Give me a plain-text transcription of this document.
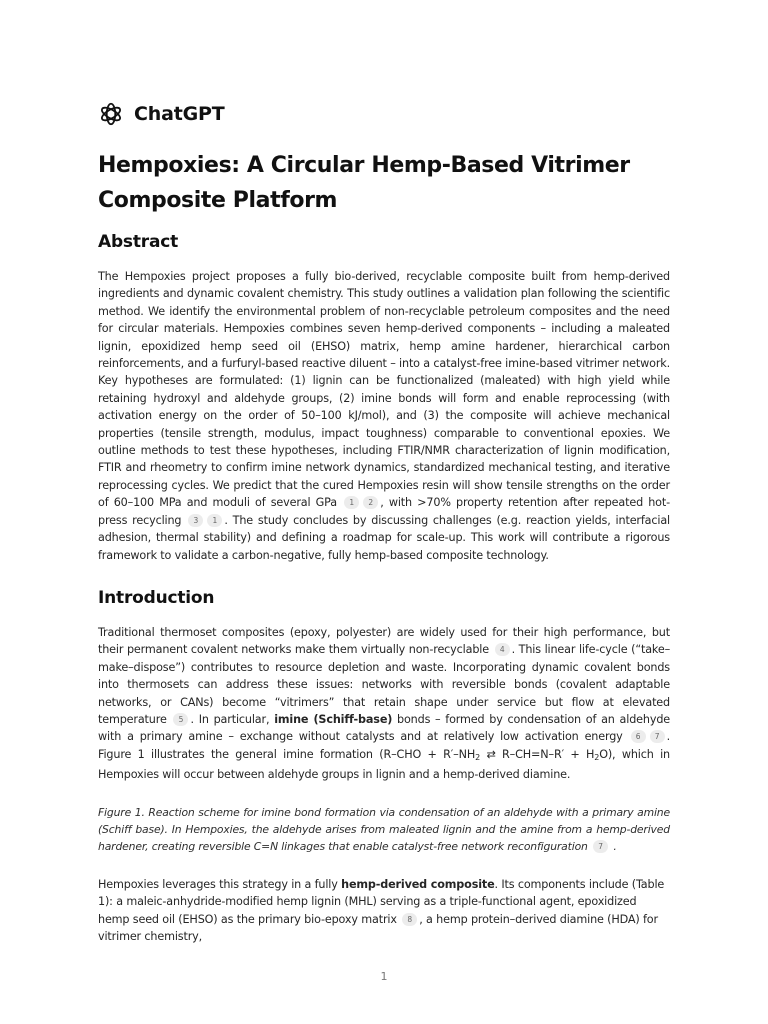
ChatGPT
Hempoxies: A Circular Hemp-Based Vitrimer Composite Platform
Abstract

The Hempoxies project proposes a fully bio-derived, recyclable composite built from hemp-derived ingredients and dynamic covalent chemistry. This study outlines a validation plan following the scientific method. We identify the environmental problem of non-recyclable petroleum composites and the need for circular materials. Hempoxies combines seven hemp-derived components – including a maleated lignin, epoxidized hemp seed oil (EHSO) matrix, hemp amine hardener, hierarchical carbon reinforcements, and a furfuryl-based reactive diluent – into a catalyst-free imine-based vitrimer network. Key hypotheses are formulated: (1) lignin can be functionalized (maleated) with high yield while retaining hydroxyl and aldehyde groups, (2) imine bonds will form and enable reprocessing (with activation energy on the order of 50–100 kJ/mol), and (3) the composite will achieve mechanical properties (tensile strength, modulus, impact toughness) comparable to conventional epoxies. We outline methods to test these hypotheses, including FTIR/NMR characterization of lignin modification, FTIR and rheometry to confirm imine network dynamics, standardized mechanical testing, and iterative reprocessing cycles. We predict that the cured Hempoxies resin will show tensile strengths on the order of 60–100 MPa and moduli of several GPa 1 2 , with >70% property retention after repeated hot-press recycling 3 1 . The study concludes by discussing challenges (e.g. reaction yields, interfacial adhesion, thermal stability) and defining a roadmap for scale-up. This work will contribute a rigorous framework to validate a carbon-negative, fully hemp-based composite technology.

Introduction

Traditional thermoset composites (epoxy, polyester) are widely used for their high performance, but their permanent covalent networks make them virtually non-recyclable 4 . This linear life-cycle (“take–make–dispose”) contributes to resource depletion and waste. Incorporating dynamic covalent bonds into thermosets can address these issues: networks with reversible bonds (covalent adaptable networks, or CANs) become “vitrimers” that retain shape under service but flow at elevated temperature 5 . In particular, imine (Schiff-base) bonds – formed by condensation of an aldehyde with a primary amine – exchange without catalysts and at relatively low activation energy 6 7 . Figure 1 illustrates the general imine formation ($R-CHO + R'-NH_2$ ⇄ $R-CH=N-R' + H_2O$), which in Hempoxies will occur between aldehyde groups in lignin and a hemp-derived diamine.

Figure 1. Reaction scheme for imine bond formation via condensation of an aldehyde with a primary amine (Schiff base). In Hempoxies, the aldehyde arises from maleated lignin and the amine from a hemp-derived hardener, creating reversible C=N linkages that enable catalyst-free network reconfiguration 7 .

Hempoxies leverages this strategy in a fully hemp-derived composite. Its components include (Table 1): a maleic-anhydride-modified hemp lignin (MHL) serving as a triple-functional agent, epoxidized hemp seed oil (EHSO) as the primary bio-epoxy matrix 8 , a hemp protein–derived diamine (HDA) for vitrimer chemistry,

1
